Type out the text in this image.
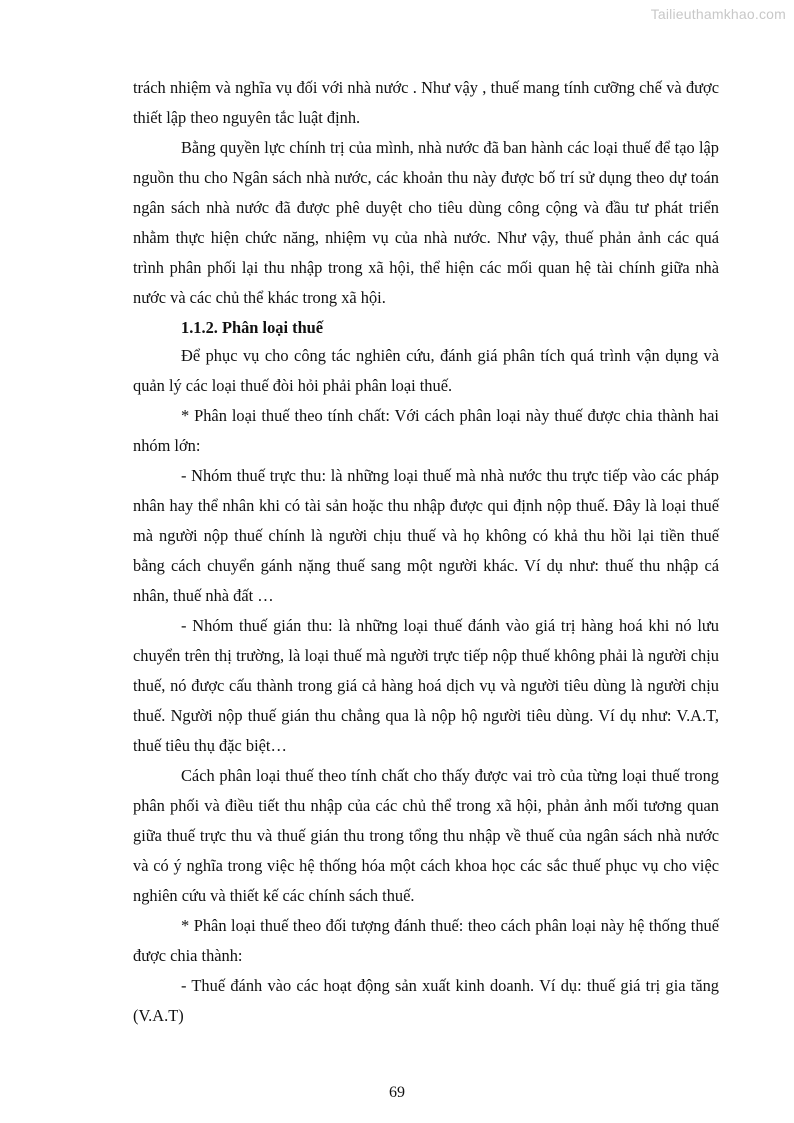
Tailieuthamkhao.com

trách nhiệm và nghĩa vụ đối với nhà nước . Như vậy , thuế mang tính cưỡng chế và được thiết lập theo nguyên tắc luật định.

Bằng quyền lực chính trị của mình, nhà nước đã ban hành các loại thuế để tạo lập nguồn thu cho Ngân sách nhà nước, các khoản thu này được bố trí sử dụng theo dự toán ngân sách nhà nước đã được phê duyệt cho tiêu dùng công cộng và đầu tư phát triển nhằm thực hiện chức năng, nhiệm vụ của nhà nước. Như vậy, thuế phản ảnh các quá trình phân phối lại thu nhập trong xã hội, thể hiện các mối quan hệ tài chính giữa nhà nước và các chủ thể khác trong xã hội.

1.1.2. Phân loại thuế

Để phục vụ cho công tác nghiên cứu, đánh giá phân tích quá trình vận dụng và quản lý các loại thuế đòi hỏi phải phân loại thuế.

* Phân loại thuế theo tính chất: Với cách phân loại này thuế được chia thành hai nhóm lớn:

- Nhóm thuế trực thu: là những loại thuế mà nhà nước thu trực tiếp vào các pháp nhân hay thể nhân khi có tài sản hoặc thu nhập được qui định nộp thuế. Đây là loại thuế mà người nộp thuế chính là người chịu thuế và họ không có khả thu hồi lại tiền thuế bằng cách chuyển gánh nặng thuế sang một người khác. Ví dụ như: thuế thu nhập cá nhân, thuế nhà đất …

- Nhóm thuế gián thu: là những loại thuế đánh vào giá trị hàng hoá khi nó lưu chuyển trên thị trường, là loại thuế mà người trực tiếp nộp thuế không phải là người chịu thuế, nó được cấu thành trong giá cả hàng hoá dịch vụ và người tiêu dùng là người chịu thuế. Người nộp thuế gián thu chẳng qua là nộp hộ người tiêu dùng. Ví dụ như: V.A.T, thuế tiêu thụ đặc biệt…

Cách phân loại thuế theo tính chất cho thấy được vai trò của từng loại thuế trong phân phối và điều tiết thu nhập của các chủ thể trong xã hội, phản ảnh mối tương quan giữa thuế trực thu và thuế gián thu trong tổng thu nhập về thuế của ngân sách nhà nước và có ý nghĩa trong việc hệ thống hóa một cách khoa học các sắc thuế phục vụ cho việc nghiên cứu và thiết kế các chính sách thuế.

* Phân loại thuế theo đối tượng đánh thuế: theo cách phân loại này hệ thống thuế được chia thành:

- Thuế đánh vào các hoạt động sản xuất kinh doanh. Ví dụ: thuế giá trị gia tăng (V.A.T)

69
